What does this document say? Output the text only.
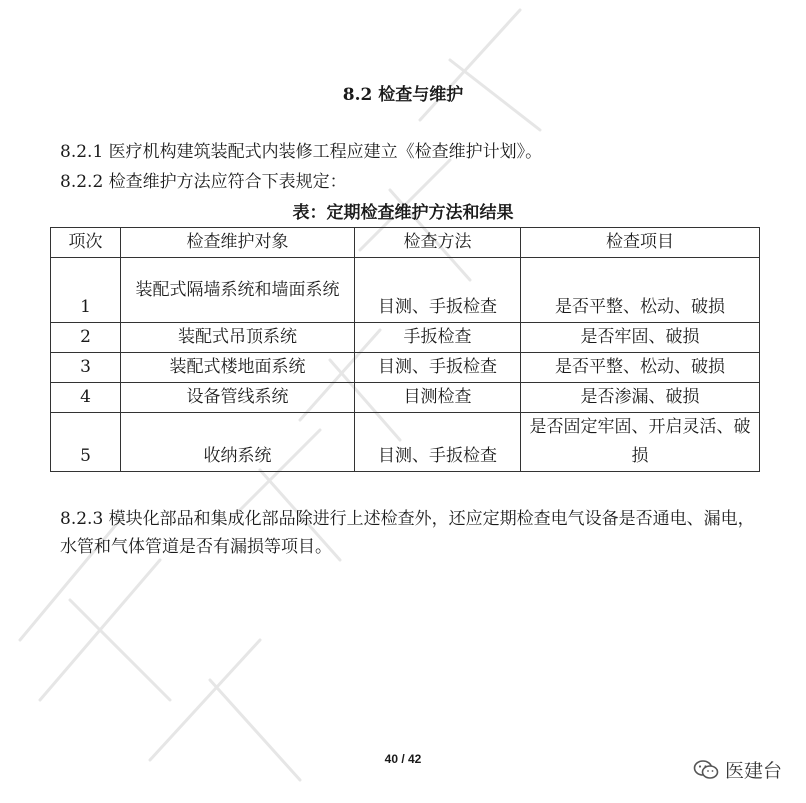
8.2 检查与维护
8.2.1 医疗机构建筑装配式内装修工程应建立《检查维护计划》。
8.2.2 检查维护方法应符合下表规定：
表：定期检查维护方法和结果
项次	检查维护对象	检查方法	检查项目
1	装配式隔墙系统和墙面系统	目测、手扳检查	是否平整、松动、破损
2	装配式吊顶系统	手扳检查	是否牢固、破损
3	装配式楼地面系统	目测、手扳检查	是否平整、松动、破损
4	设备管线系统	目测检查	是否渗漏、破损
5	收纳系统	目测、手扳检查	是否固定牢固、开启灵活、破损
8.2.3 模块化部品和集成化部品除进行上述检查外，还应定期检查电气设备是否通电、漏电，水管和气体管道是否有漏损等项目。
40 / 42
医建台
